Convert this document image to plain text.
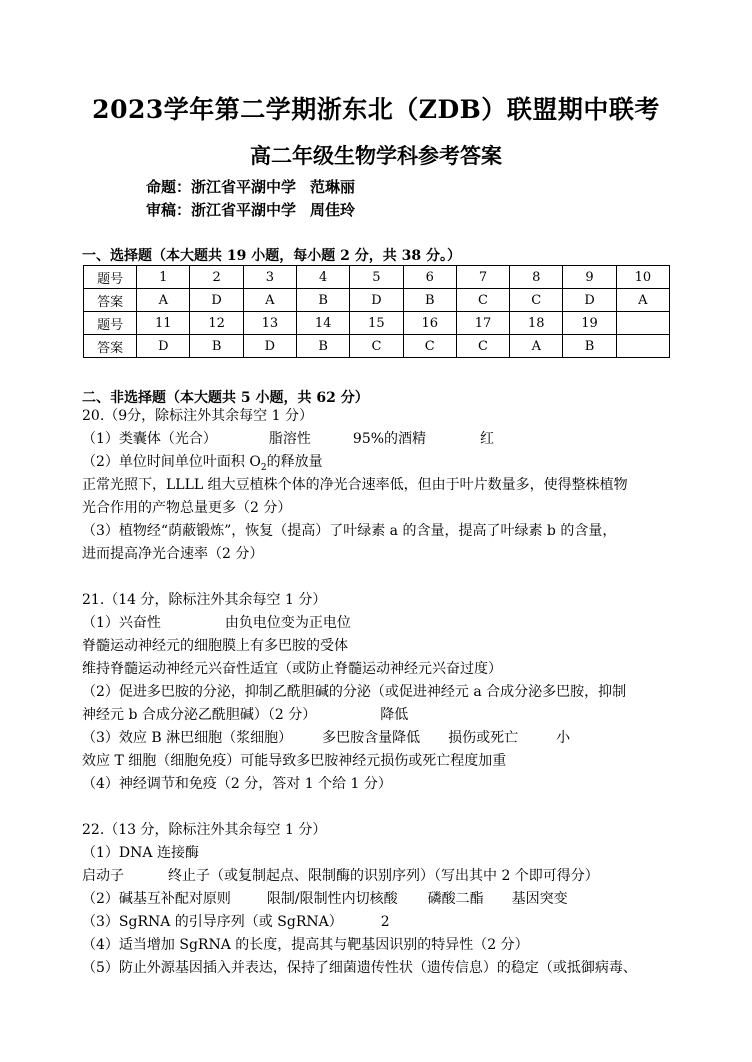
2023学年第二学期浙东北（ZDB）联盟期中联考
高二年级生物学科参考答案
命题：浙江省平湖中学 范琳丽
审稿：浙江省平湖中学 周佳玲
一、选择题（本大题共 19 小题，每小题 2 分，共 38 分。）
题号	1	2	3	4	5	6	7	8	9	10
答案	A	D	A	B	D	B	C	C	D	A
题号	11	12	13	14	15	16	17	18	19	
答案	D	B	D	B	C	C	C	A	B	
二、非选择题（本大题共 5 小题，共 62 分）
20.（9分，除标注外其余每空 1 分）
（1）类囊体（光合）	脂溶性	95%的酒精	红
（2）单位时间单位叶面积 $O_2$的释放量
正常光照下，LLLL 组大豆植株个体的净光合速率低，但由于叶片数量多，使得整株植物
光合作用的产物总量更多（2 分）
（3）植物经“荫蔽锻炼”，恢复（提高）了叶绿素 a 的含量，提高了叶绿素 b 的含量，
进而提高净光合速率（2 分）
21.（14 分，除标注外其余每空 1 分）
（1）兴奋性	由负电位变为正电位
脊髓运动神经元的细胞膜上有多巴胺的受体
维持脊髓运动神经元兴奋性适宜（或防止脊髓运动神经元兴奋过度）
（2）促进多巴胺的分泌，抑制乙酰胆碱的分泌（或促进神经元 a 合成分泌多巴胺，抑制
神经元 b 合成分泌乙酰胆碱）（2 分）	降低
（3）效应 B 淋巴细胞（浆细胞） 多巴胺含量降低 损伤或死亡	小
效应 T 细胞（细胞免疫）可能导致多巴胺神经元损伤或死亡程度加重
（4）神经调节和免疫（2 分，答对 1 个给 1 分）
22.（13 分，除标注外其余每空 1 分）
（1）DNA 连接酶
启动子	终止子（或复制起点、限制酶的识别序列）（写出其中 2 个即可得分）
（2）碱基互补配对原则	限制/限制性内切核酸 磷酸二酯 基因突变
（3）SgRNA 的引导序列（或 SgRNA）	2
（4）适当增加 SgRNA 的长度，提高其与靶基因识别的特异性（2 分）
（5）防止外源基因插入并表达，保持了细菌遗传性状（遗传信息）的稳定（或抵御病毒、
